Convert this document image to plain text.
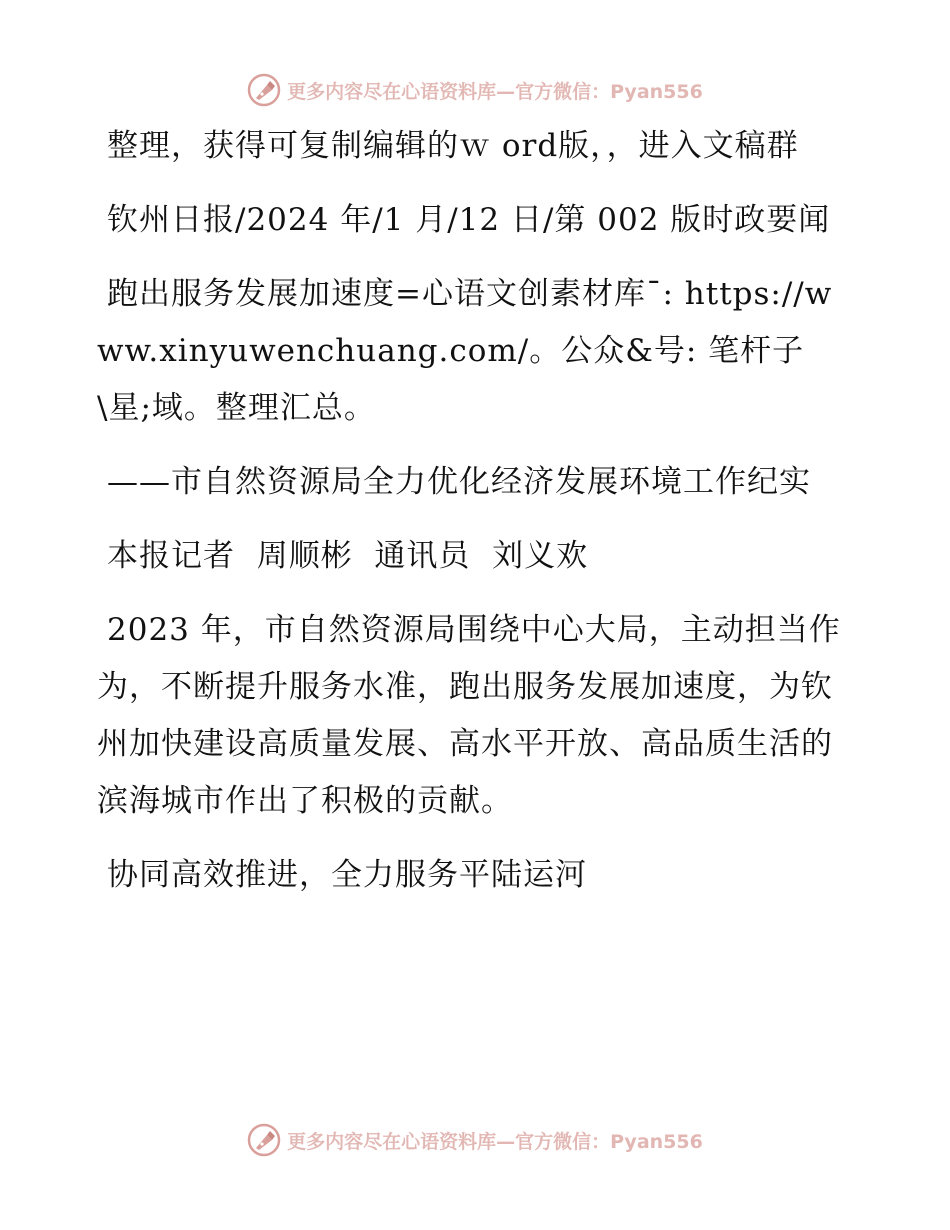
更多内容尽在心语资料库—官方微信：Pyan556

整理，获得可复制编辑的ｗ ord版，，进入文稿群

钦州日报/2024 年/1 月/12 日/第 002 版时政要闻

跑出服务发展加速度=心语文创素材库¯: https://www.xinyuwenchuang.com/。公众&号: 笔杆子\星;域。整理汇总。

——市自然资源局全力优化经济发展环境工作纪实

本报记者  周顺彬  通讯员  刘义欢

2023 年，市自然资源局围绕中心大局，主动担当作为，不断提升服务水准，跑出服务发展加速度，为钦州加快建设高质量发展、高水平开放、高品质生活的滨海城市作出了积极的贡献。

协同高效推进，全力服务平陆运河

更多内容尽在心语资料库—官方微信：Pyan556
